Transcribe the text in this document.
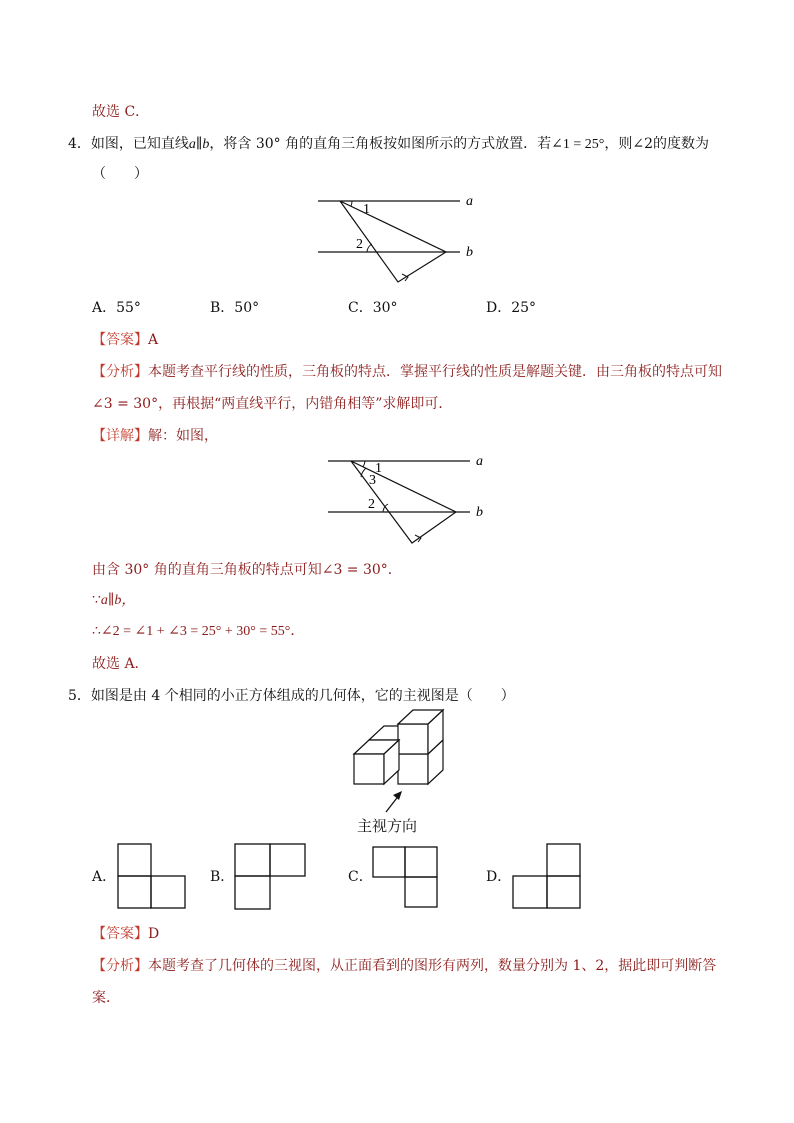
故选 C．
4．如图，已知直线a∥b，将含 30° 角的直角三角板按如图所示的方式放置．若∠1 = 25°，则∠2的度数为
（　　）
1
2
a
b
A．55°	B．50°	C．30°	D．25°
【答案】A
【分析】本题考查平行线的性质，三角板的特点．掌握平行线的性质是解题关键．由三角板的特点可知
∠3 = 30°，再根据“两直线平行，内错角相等”求解即可．
【详解】解：如图，
1
3
2
a
b
由含 30° 角的直角三角板的特点可知∠3 = 30°．
∵a∥b，
∴∠2 = ∠1 + ∠3 = 25° + 30° = 55°．
故选 A．
5．如图是由 4 个相同的小正方体组成的几何体，它的主视图是（　　）
主视方向
A．	B．	C．	D．
【答案】D
【分析】本题考查了几何体的三视图，从正面看到的图形有两列，数量分别为 1、2，据此即可判断答
案．
